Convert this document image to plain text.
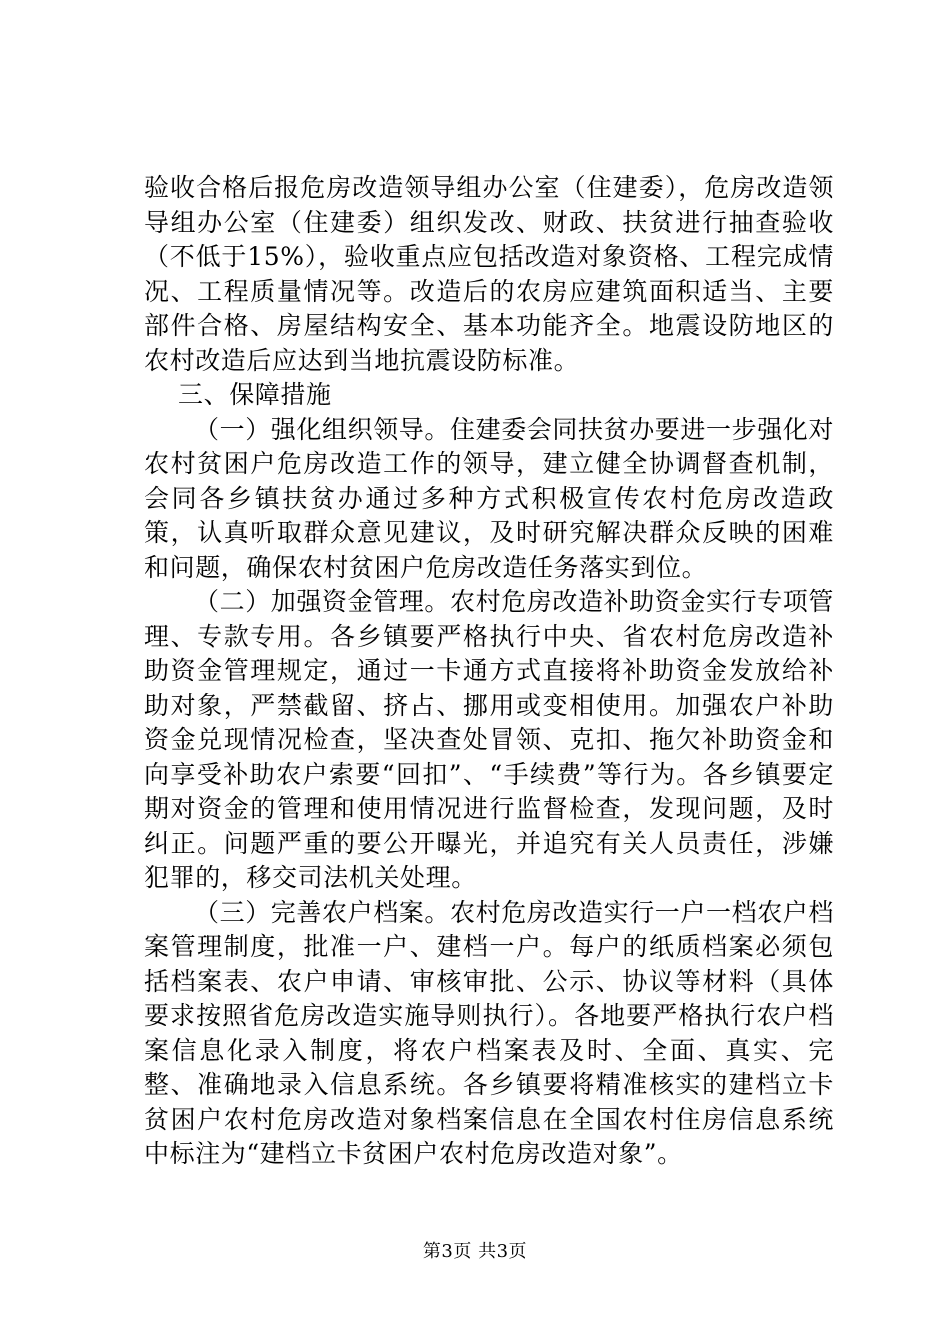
验收合格后报危房改造领导组办公室（住建委），危房改造领导组办公室（住建委）组织发改、财政、扶贫进行抽查验收（不低于15%），验收重点应包括改造对象资格、工程完成情况、工程质量情况等。改造后的农房应建筑面积适当、主要部件合格、房屋结构安全、基本功能齐全。地震设防地区的农村改造后应达到当地抗震设防标准。

三、保障措施

（一）强化组织领导。住建委会同扶贫办要进一步强化对农村贫困户危房改造工作的领导，建立健全协调督查机制，会同各乡镇扶贫办通过多种方式积极宣传农村危房改造政策，认真听取群众意见建议，及时研究解决群众反映的困难和问题，确保农村贫困户危房改造任务落实到位。

（二）加强资金管理。农村危房改造补助资金实行专项管理、专款专用。各乡镇要严格执行中央、省农村危房改造补助资金管理规定，通过一卡通方式直接将补助资金发放给补助对象，严禁截留、挤占、挪用或变相使用。加强农户补助资金兑现情况检查，坚决查处冒领、克扣、拖欠补助资金和向享受补助农户索要“回扣”、“手续费”等行为。各乡镇要定期对资金的管理和使用情况进行监督检查，发现问题，及时纠正。问题严重的要公开曝光，并追究有关人员责任，涉嫌犯罪的，移交司法机关处理。

（三）完善农户档案。农村危房改造实行一户一档农户档案管理制度，批准一户、建档一户。每户的纸质档案必须包括档案表、农户申请、审核审批、公示、协议等材料（具体要求按照省危房改造实施导则执行）。各地要严格执行农户档案信息化录入制度，将农户档案表及时、全面、真实、完整、准确地录入信息系统。各乡镇要将精准核实的建档立卡贫困户农村危房改造对象档案信息在全国农村住房信息系统中标注为“建档立卡贫困户农村危房改造对象”。

第3页 共3页
